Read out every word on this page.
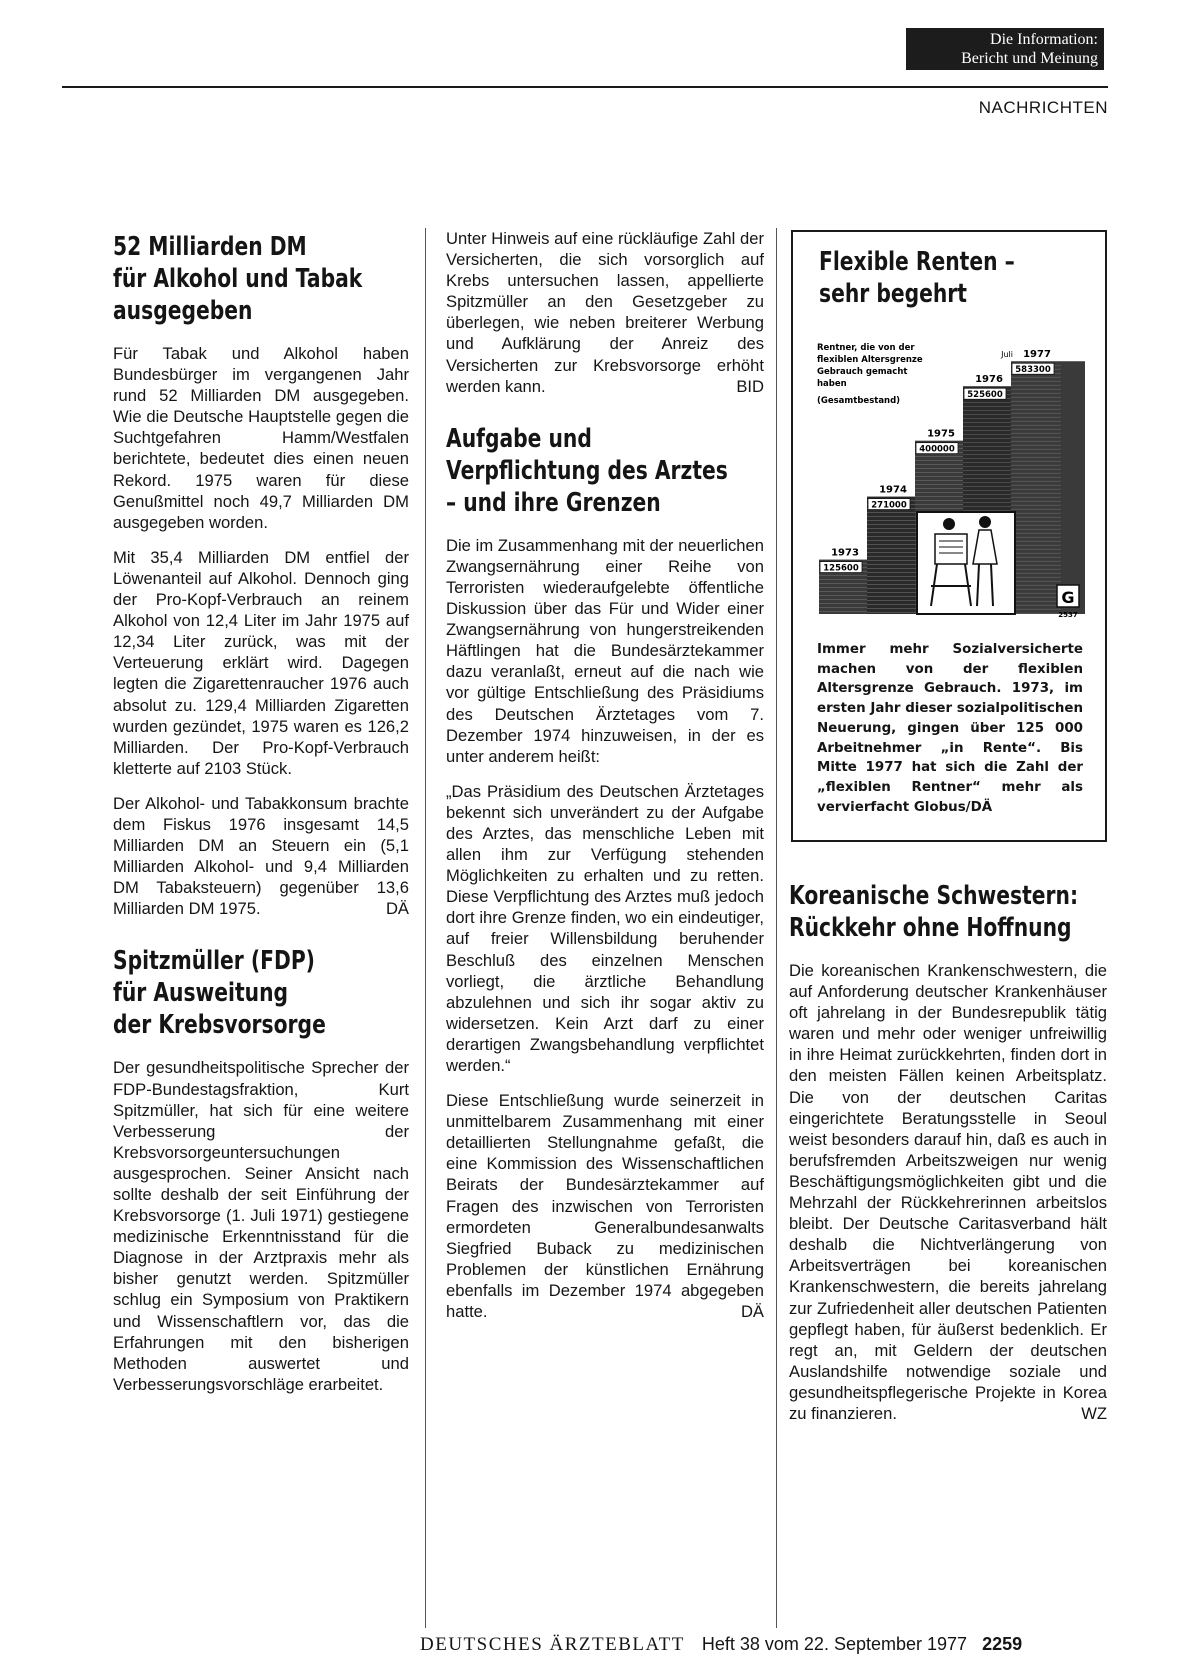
Die Information:
Bericht und Meinung
NACHRICHTEN
52 Milliarden DM
für Alkohol und Tabak
ausgegeben

Für Tabak und Alkohol haben Bundesbürger im vergangenen Jahr rund 52 Milliarden DM ausgegeben. Wie die Deutsche Hauptstelle gegen die Suchtgefahren Hamm/Westfalen berichtete, bedeutet dies einen neuen Rekord. 1975 waren für diese Genußmittel noch 49,7 Milliarden DM ausgegeben worden.

Mit 35,4 Milliarden DM entfiel der Löwenanteil auf Alkohol. Dennoch ging der Pro-Kopf-Verbrauch an reinem Alkohol von 12,4 Liter im Jahr 1975 auf 12,34 Liter zurück, was mit der Verteuerung erklärt wird. Dagegen legten die Zigarettenraucher 1976 auch absolut zu. 129,4 Milliarden Zigaretten wurden gezündet, 1975 waren es 126,2 Milliarden. Der Pro-Kopf-Verbrauch kletterte auf 2103 Stück.

Der Alkohol- und Tabakkonsum brachte dem Fiskus 1976 insgesamt 14,5 Milliarden DM an Steuern ein (5,1 Milliarden Alkohol- und 9,4 Milliarden DM Tabaksteuern) gegenüber 13,6 Milliarden DM 1975.	DÄ

Spitzmüller (FDP)
für Ausweitung
der Krebsvorsorge

Der gesundheitspolitische Sprecher der FDP-Bundestagsfraktion, Kurt Spitzmüller, hat sich für eine weitere Verbesserung der Krebsvorsorgeuntersuchungen ausgesprochen. Seiner Ansicht nach sollte deshalb der seit Einführung der Krebsvorsorge (1. Juli 1971) gestiegene medizinische Erkenntnisstand für die Diagnose in der Arztpraxis mehr als bisher genutzt werden. Spitzmüller schlug ein Symposium von Praktikern und Wissenschaftlern vor, das die Erfahrungen mit den bisherigen Methoden auswertet und Verbesserungsvorschläge erarbeitet.

Unter Hinweis auf eine rückläufige Zahl der Versicherten, die sich vorsorglich auf Krebs untersuchen lassen, appellierte Spitzmüller an den Gesetzgeber zu überlegen, wie neben breiterer Werbung und Aufklärung der Anreiz des Versicherten zur Krebsvorsorge erhöht werden kann.	BID

Aufgabe und
Verpflichtung des Arztes
– und ihre Grenzen

Die im Zusammenhang mit der neuerlichen Zwangsernährung einer Reihe von Terroristen wiederaufgelebte öffentliche Diskussion über das Für und Wider einer Zwangsernährung von hungerstreikenden Häftlingen hat die Bundesärztekammer dazu veranlaßt, erneut auf die nach wie vor gültige Entschließung des Präsidiums des Deutschen Ärztetages vom 7. Dezember 1974 hinzuweisen, in der es unter anderem heißt:

„Das Präsidium des Deutschen Ärztetages bekennt sich unverändert zu der Aufgabe des Arztes, das menschliche Leben mit allen ihm zur Verfügung stehenden Möglichkeiten zu erhalten und zu retten. Diese Verpflichtung des Arztes muß jedoch dort ihre Grenze finden, wo ein eindeutiger, auf freier Willensbildung beruhender Beschluß des einzelnen Menschen vorliegt, die ärztliche Behandlung abzulehnen und sich ihr sogar aktiv zu widersetzen. Kein Arzt darf zu einer derartigen Zwangsbehandlung verpflichtet werden.“

Diese Entschließung wurde seinerzeit in unmittelbarem Zusammenhang mit einer detaillierten Stellungnahme gefaßt, die eine Kommission des Wissenschaftlichen Beirats der Bundesärztekammer auf Fragen des inzwischen von Terroristen ermordeten Generalbundesanwalts Siegfried Buback zu medizinischen Problemen der künstlichen Ernährung ebenfalls im Dezember 1974 abgegeben hatte.	DÄ

Flexible Renten –
sehr begehrt
Rentner, die von der
flexiblen Altersgrenze
Gebrauch gemacht
haben
(Gesamtbestand)
125600
1973
271000
1974
400000
1975
525600
1976
583300
1977
Juli
G
2537
Immer mehr Sozialversicherte machen von der flexiblen Altersgrenze Gebrauch. 1973, im ersten Jahr dieser sozialpolitischen Neuerung, gingen über 125 000 Arbeitnehmer „in Rente“. Bis Mitte 1977 hat sich die Zahl der „flexiblen Rentner“ mehr als vervierfacht Globus/DÄ
Koreanische Schwestern:
Rückkehr ohne Hoffnung

Die koreanischen Krankenschwestern, die auf Anforderung deutscher Krankenhäuser oft jahrelang in der Bundesrepublik tätig waren und mehr oder weniger unfreiwillig in ihre Heimat zurückkehrten, finden dort in den meisten Fällen keinen Arbeitsplatz. Die von der deutschen Caritas eingerichtete Beratungsstelle in Seoul weist besonders darauf hin, daß es auch in berufsfremden Arbeitszweigen nur wenig Beschäftigungsmöglichkeiten gibt und die Mehrzahl der Rückkehrerinnen arbeitslos bleibt. Der Deutsche Caritasverband hält deshalb die Nichtverlängerung von Arbeitsverträgen bei koreanischen Krankenschwestern, die bereits jahrelang zur Zufriedenheit aller deutschen Patienten gepflegt haben, für äußerst bedenklich. Er regt an, mit Geldern der deutschen Auslandshilfe notwendige soziale und gesundheitspflegerische Projekte in Korea zu finanzieren.	WZ

DEUTSCHES ÄRZTEBLATT Heft 38 vom 22. September 1977 2259
